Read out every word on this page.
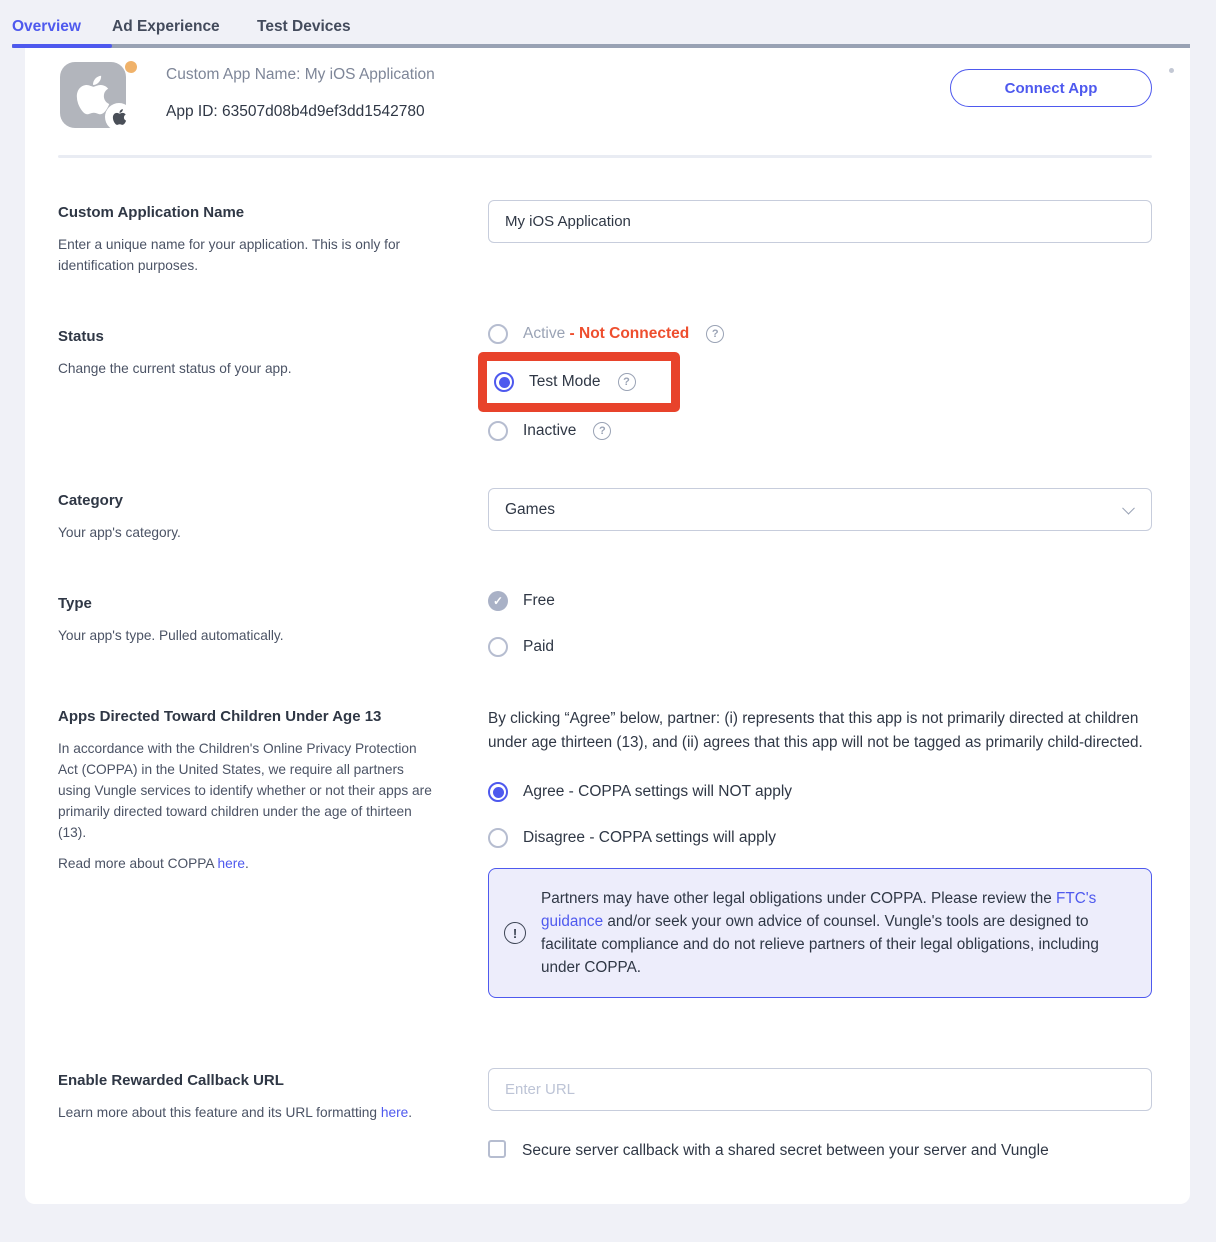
Overview	Ad Experience	Test Devices

Custom App Name: My iOS Application

App ID: 63507d08b4d9ef3dd1542780

Connect App
Custom Application Name

Enter a unique name for your application. This is only for identification purposes.

My iOS Application
Status

Change the current status of your app.

Active - Not Connected	?
Test Mode	?
Inactive	?
Category

Your app's category.

Games
Type

Your app's type. Pulled automatically.

✓	Free
Paid
Apps Directed Toward Children Under Age 13

In accordance with the Children's Online Privacy Protection Act (COPPA) in the United States, we require all partners using Vungle services to identify whether or not their apps are primarily directed toward children under the age of thirteen (13).

Read more about COPPA here.

By clicking “Agree” below, partner: (i) represents that this app is not primarily directed at children under age thirteen (13), and (ii) agrees that this app will not be tagged as primarily child-directed.

Agree - COPPA settings will NOT apply
Disagree - COPPA settings will apply
!

Partners may have other legal obligations under COPPA. Please review the FTC's guidance and/or seek your own advice of counsel. Vungle's tools are designed to facilitate compliance and do not relieve partners of their legal obligations, including under COPPA.

Enable Rewarded Callback URL

Learn more about this feature and its URL formatting here.

Enter URL
Secure server callback with a shared secret between your server and Vungle
